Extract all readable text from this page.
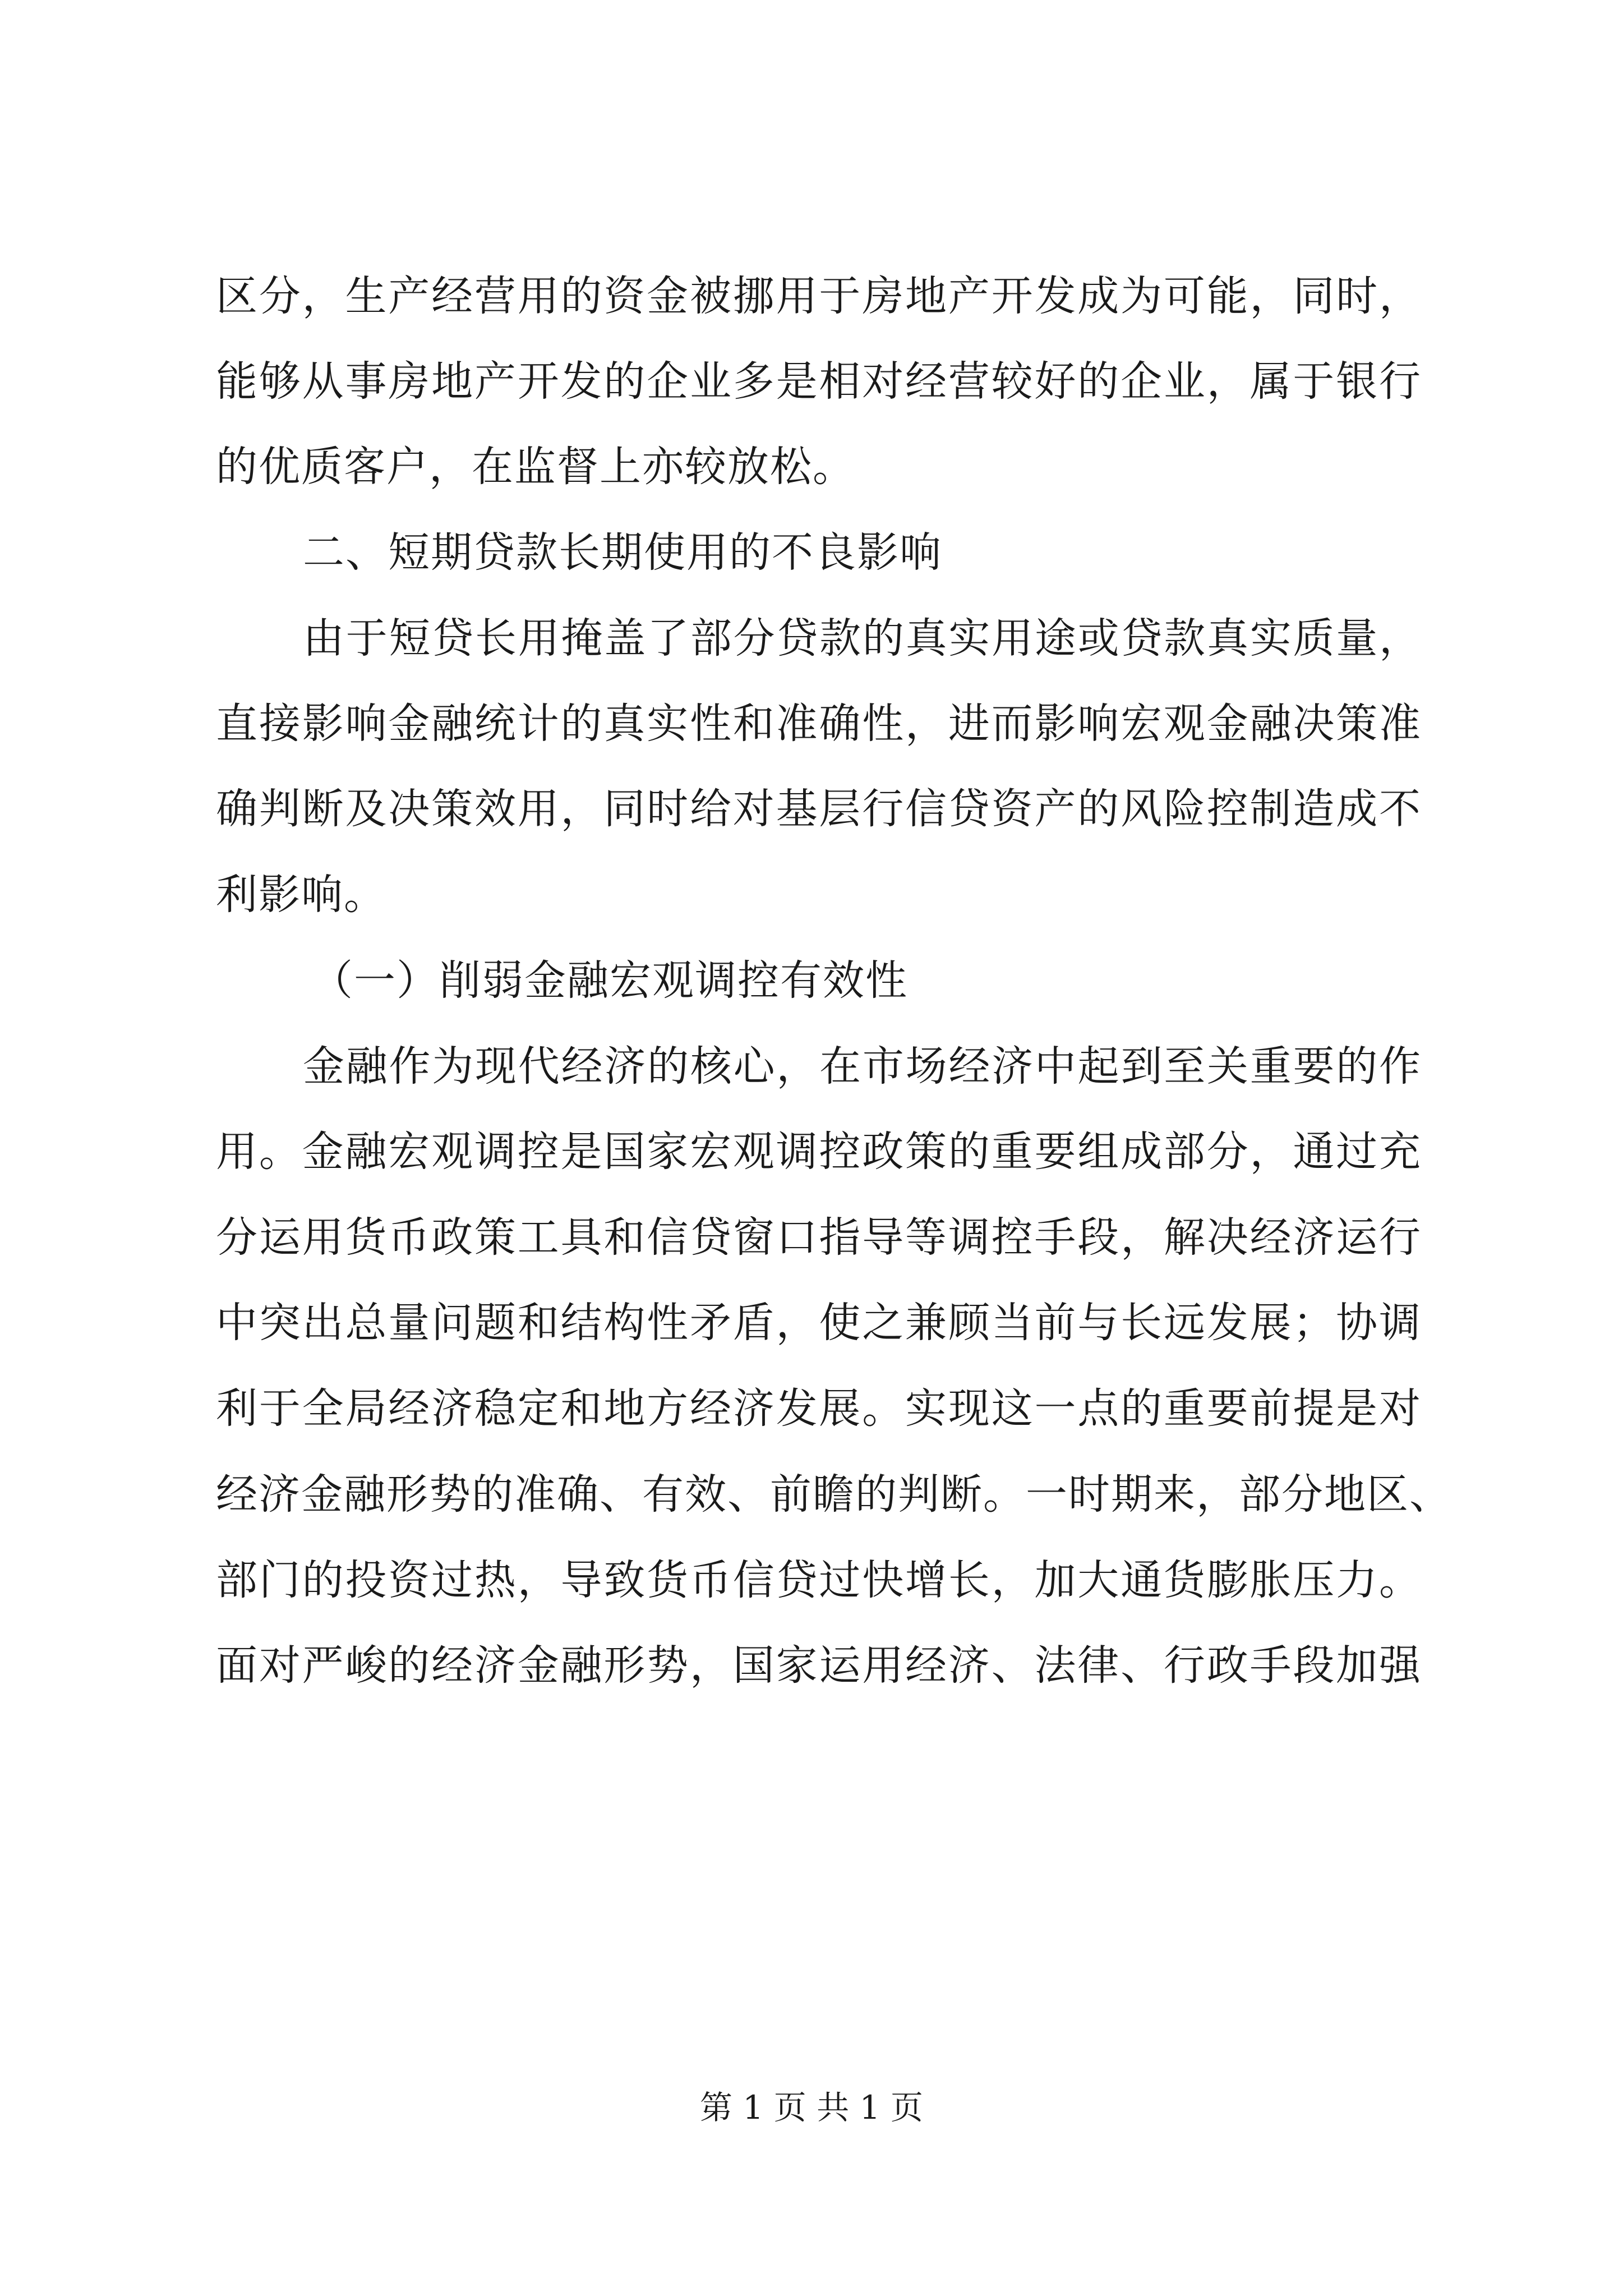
区分，生产经营用的资金被挪用于房地产开发成为可能，同时，
能够从事房地产开发的企业多是相对经营较好的企业，属于银行
的优质客户，在监督上亦较放松。
二、短期贷款长期使用的不良影响
由于短贷长用掩盖了部分贷款的真实用途或贷款真实质量，
直接影响金融统计的真实性和准确性，进而影响宏观金融决策准
确判断及决策效用，同时给对基层行信贷资产的风险控制造成不
利影响。
（一）削弱金融宏观调控有效性
金融作为现代经济的核心，在市场经济中起到至关重要的作
用。金融宏观调控是国家宏观调控政策的重要组成部分，通过充
分运用货币政策工具和信贷窗口指导等调控手段，解决经济运行
中突出总量问题和结构性矛盾，使之兼顾当前与长远发展；协调
利于全局经济稳定和地方经济发展。实现这一点的重要前提是对
经济金融形势的准确、有效、前瞻的判断。一时期来，部分地区、
部门的投资过热，导致货币信贷过快增长，加大通货膨胀压力。
面对严峻的经济金融形势，国家运用经济、法律、行政手段加强
第 1 页 共 1 页
